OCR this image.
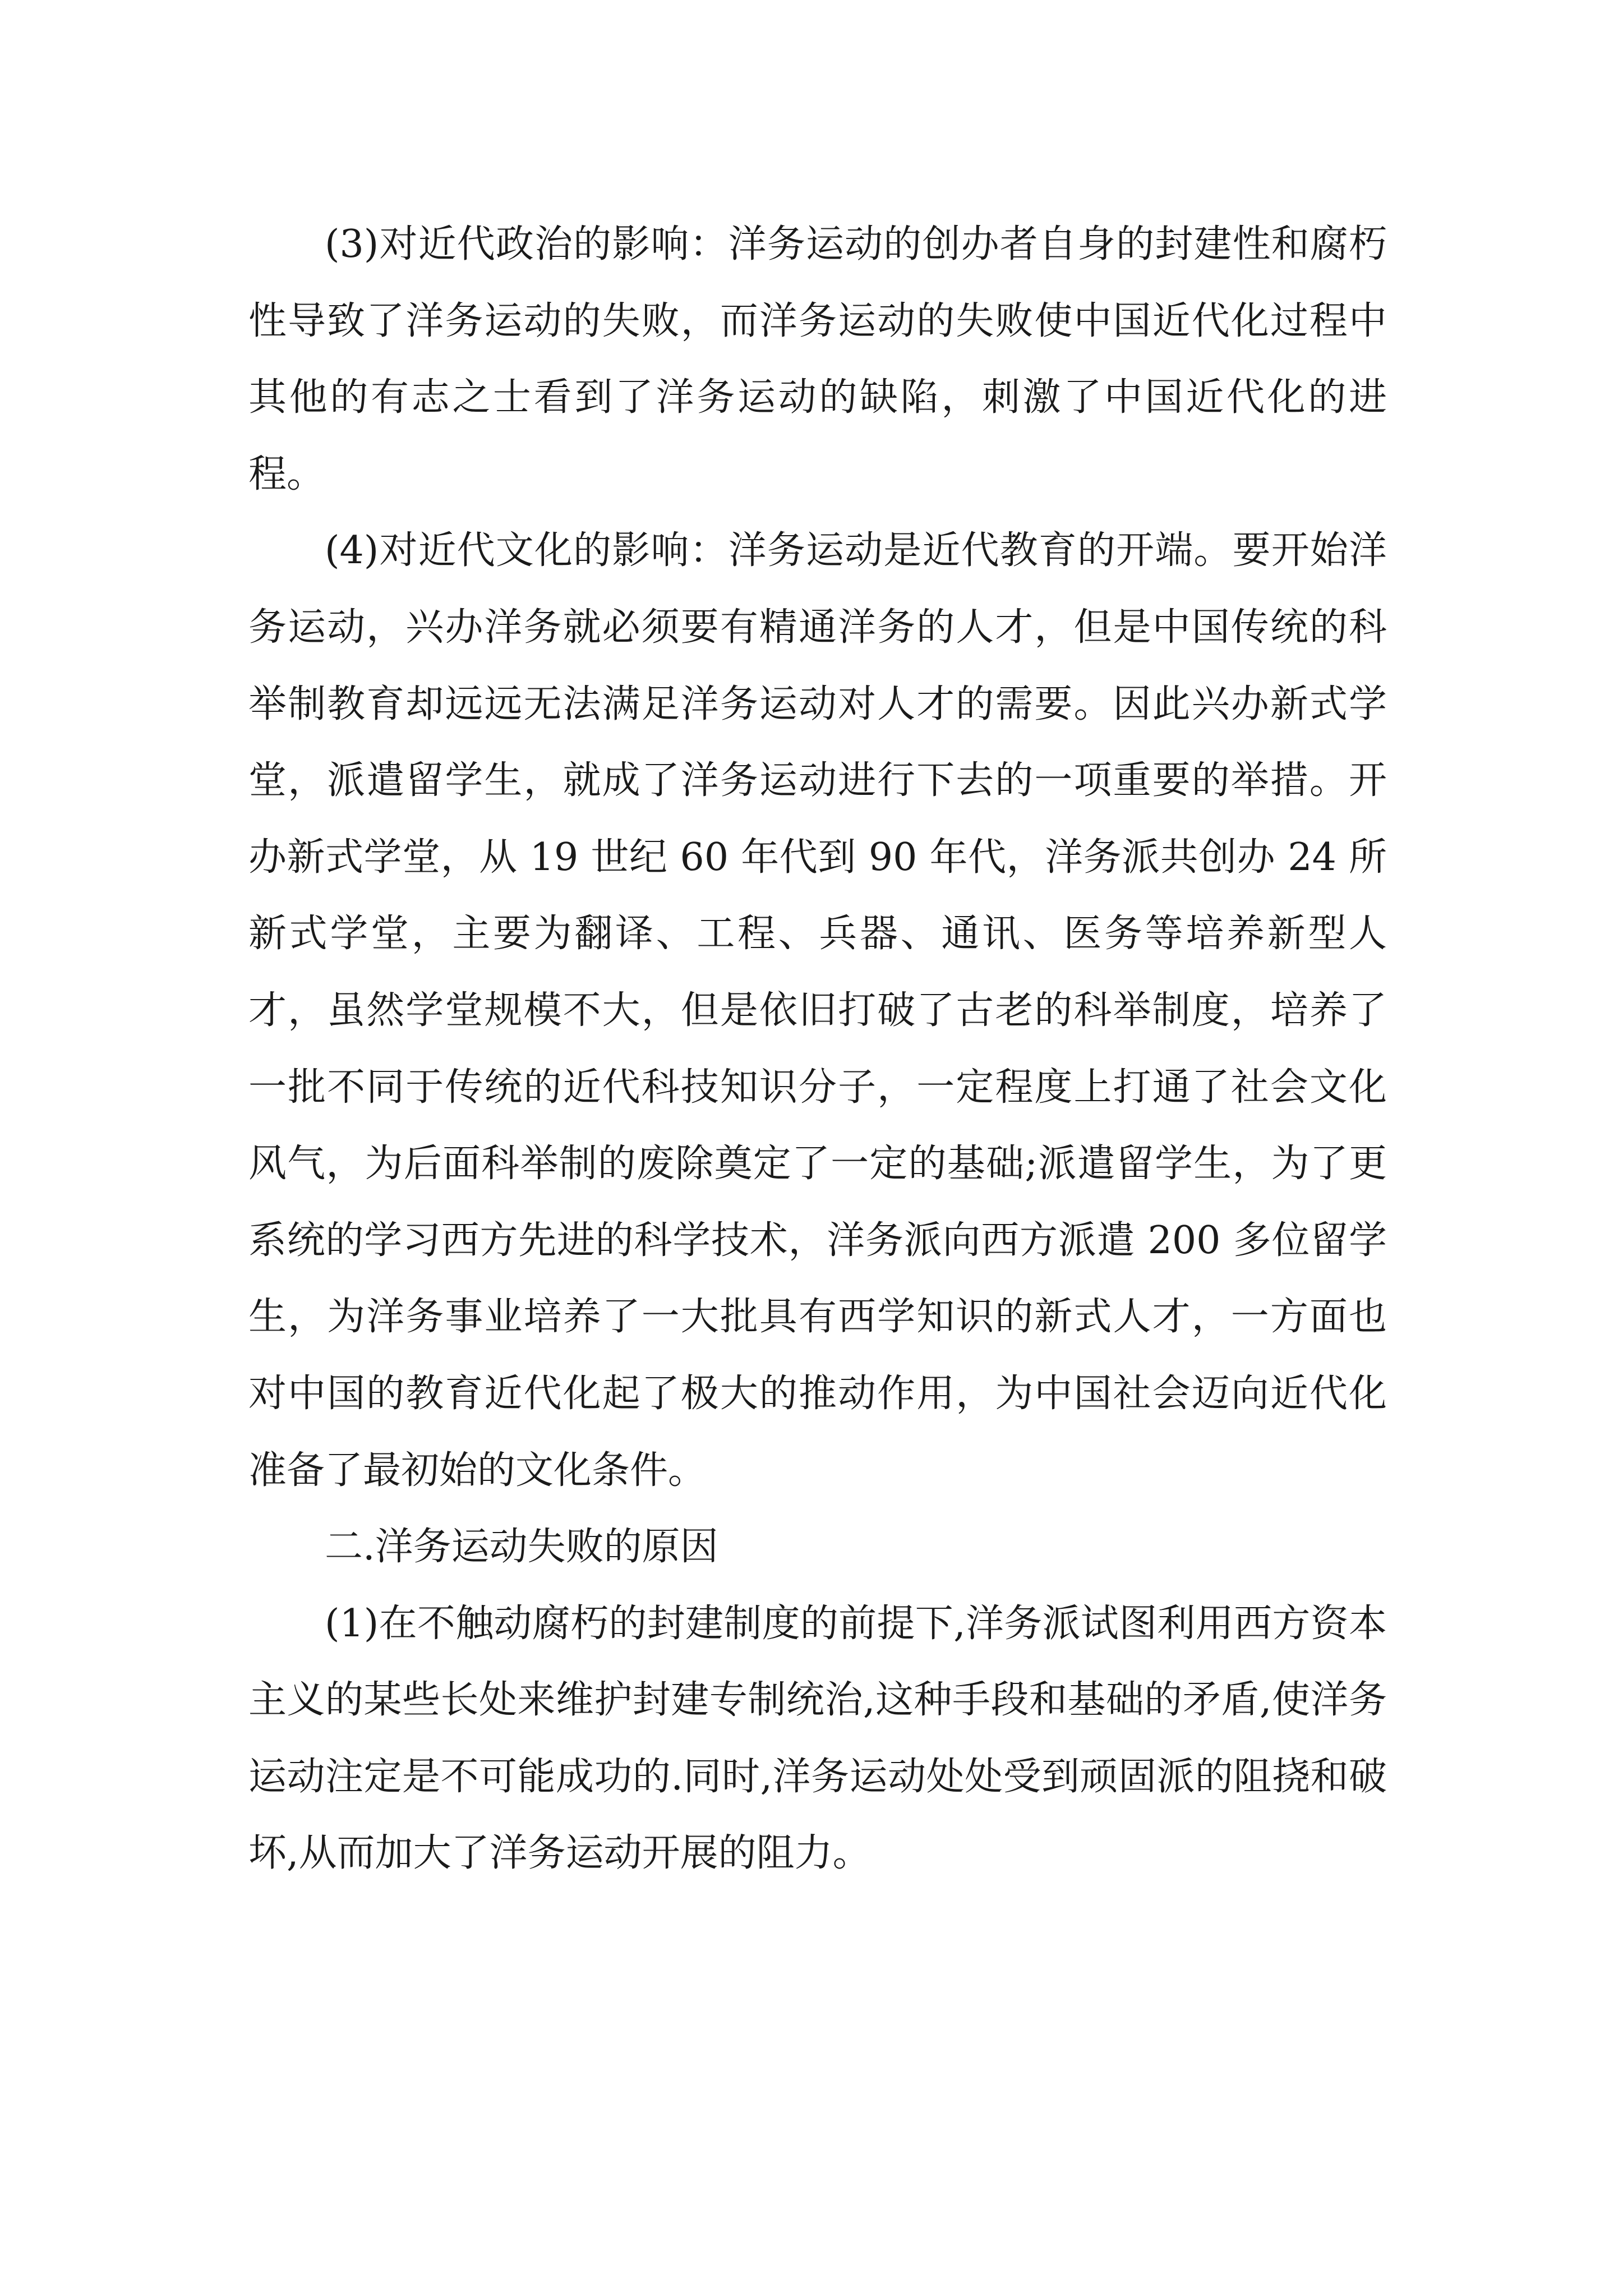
(3)对近代政治的影响：洋务运动的创办者自身的封建性和腐朽性导致了洋务运动的失败，而洋务运动的失败使中国近代化过程中其他的有志之士看到了洋务运动的缺陷，刺激了中国近代化的进程。

(4)对近代文化的影响：洋务运动是近代教育的开端。要开始洋务运动，兴办洋务就必须要有精通洋务的人才，但是中国传统的科举制教育却远远无法满足洋务运动对人才的需要。因此兴办新式学堂，派遣留学生，就成了洋务运动进行下去的一项重要的举措。开办新式学堂，从 19 世纪 60 年代到 90 年代，洋务派共创办 24 所新式学堂，主要为翻译、工程、兵器、通讯、医务等培养新型人才，虽然学堂规模不大，但是依旧打破了古老的科举制度，培养了一批不同于传统的近代科技知识分子，一定程度上打通了社会文化风气，为后面科举制的废除奠定了一定的基础;派遣留学生，为了更系统的学习西方先进的科学技术，洋务派向西方派遣 200 多位留学生，为洋务事业培养了一大批具有西学知识的新式人才，一方面也对中国的教育近代化起了极大的推动作用，为中国社会迈向近代化准备了最初始的文化条件。

二.洋务运动失败的原因

(1)在不触动腐朽的封建制度的前提下,洋务派试图利用西方资本主义的某些长处来维护封建专制统治,这种手段和基础的矛盾,使洋务运动注定是不可能成功的.同时,洋务运动处处受到顽固派的阻挠和破坏,从而加大了洋务运动开展的阻力。
